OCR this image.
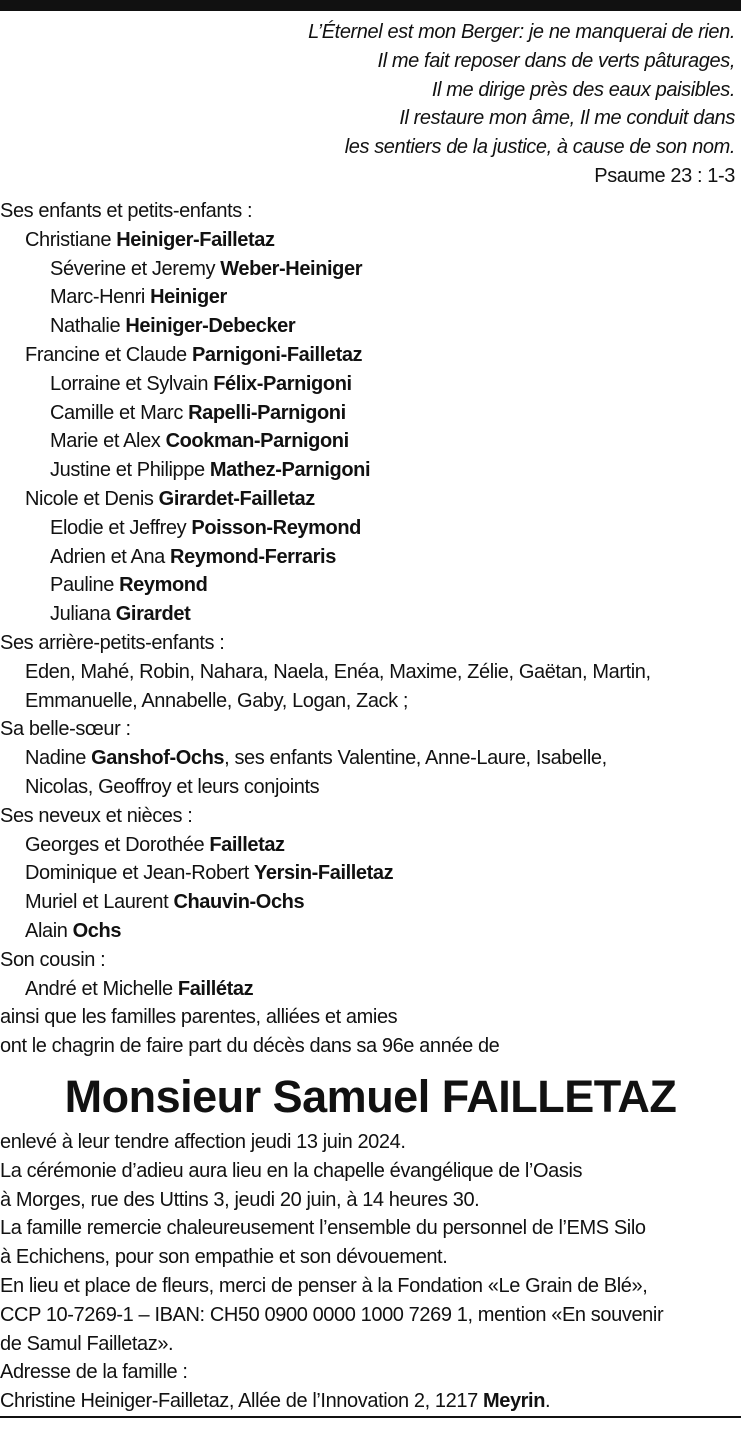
L’Éternel est mon Berger: je ne manquerai de rien.
Il me fait reposer dans de verts pâturages,
Il me dirige près des eaux paisibles.
Il restaure mon âme, Il me conduit dans
les sentiers de la justice, à cause de son nom.
Psaume 23 : 1-3
Ses enfants et petits-enfants :
Christiane Heiniger-Failletaz
Séverine et Jeremy Weber-Heiniger
Marc-Henri Heiniger
Nathalie Heiniger-Debecker
Francine et Claude Parnigoni-Failletaz
Lorraine et Sylvain Félix-Parnigoni
Camille et Marc Rapelli-Parnigoni
Marie et Alex Cookman-Parnigoni
Justine et Philippe Mathez-Parnigoni
Nicole et Denis Girardet-Failletaz
Elodie et Jeffrey Poisson-Reymond
Adrien et Ana Reymond-Ferraris
Pauline Reymond
Juliana Girardet
Ses arrière-petits-enfants :
Eden, Mahé, Robin, Nahara, Naela, Enéa, Maxime, Zélie, Gaëtan, Martin,
Emmanuelle, Annabelle, Gaby, Logan, Zack ;
Sa belle-sœur :
Nadine Ganshof-Ochs, ses enfants Valentine, Anne-Laure, Isabelle,
Nicolas, Geoffroy et leurs conjoints
Ses neveux et nièces :
Georges et Dorothée Failletaz
Dominique et Jean-Robert Yersin-Failletaz
Muriel et Laurent Chauvin-Ochs
Alain Ochs
Son cousin :
André et Michelle Faillétaz
ainsi que les familles parentes, alliées et amies
ont le chagrin de faire part du décès dans sa 96e année de
Monsieur Samuel FAILLETAZ
enlevé à leur tendre affection jeudi 13 juin 2024.
La cérémonie d’adieu aura lieu en la chapelle évangélique de l’Oasis
à Morges, rue des Uttins 3, jeudi 20 juin, à 14 heures 30.
La famille remercie chaleureusement l’ensemble du personnel de l’EMS Silo
à Echichens, pour son empathie et son dévouement.
En lieu et place de fleurs, merci de penser à la Fondation «Le Grain de Blé»,
CCP 10-7269-1 – IBAN: CH50 0900 0000 1000 7269 1, mention «En souvenir
de Samul Failletaz».
Adresse de la famille :
Christine Heiniger-Failletaz, Allée de l’Innovation 2, 1217 Meyrin.
